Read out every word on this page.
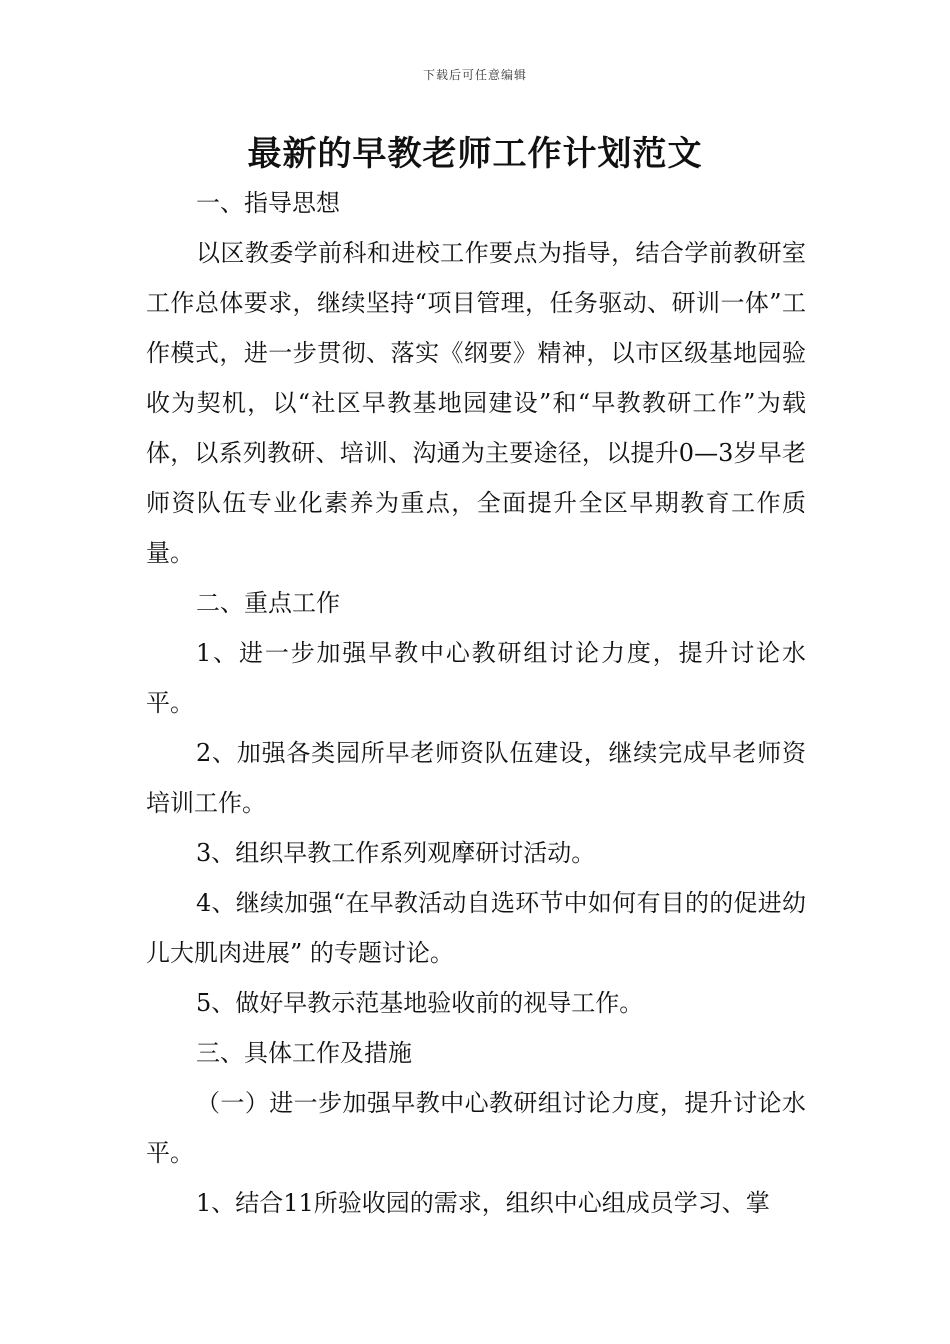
下载后可任意编辑
最新的早教老师工作计划范文

一、指导思想

以区教委学前科和进校工作要点为指导，结合学前教研室工作总体要求，继续坚持“项目管理，任务驱动、研训一体”工作模式，进一步贯彻、落实《纲要》精神，以市区级基地园验收为契机，以“社区早教基地园建设”和“早教教研工作”为载体，以系列教研、培训、沟通为主要途径，以提升0—3岁早老师资队伍专业化素养为重点，全面提升全区早期教育工作质量。

二、重点工作

1、进一步加强早教中心教研组讨论力度，提升讨论水平。

2、加强各类园所早老师资队伍建设，继续完成早老师资培训工作。

3、组织早教工作系列观摩研讨活动。

4、继续加强“在早教活动自选环节中如何有目的的促进幼儿大肌肉进展” 的专题讨论。

5、做好早教示范基地验收前的视导工作。

三、具体工作及措施

（一）进一步加强早教中心教研组讨论力度，提升讨论水平。

1、结合11所验收园的需求，组织中心组成员学习、掌
